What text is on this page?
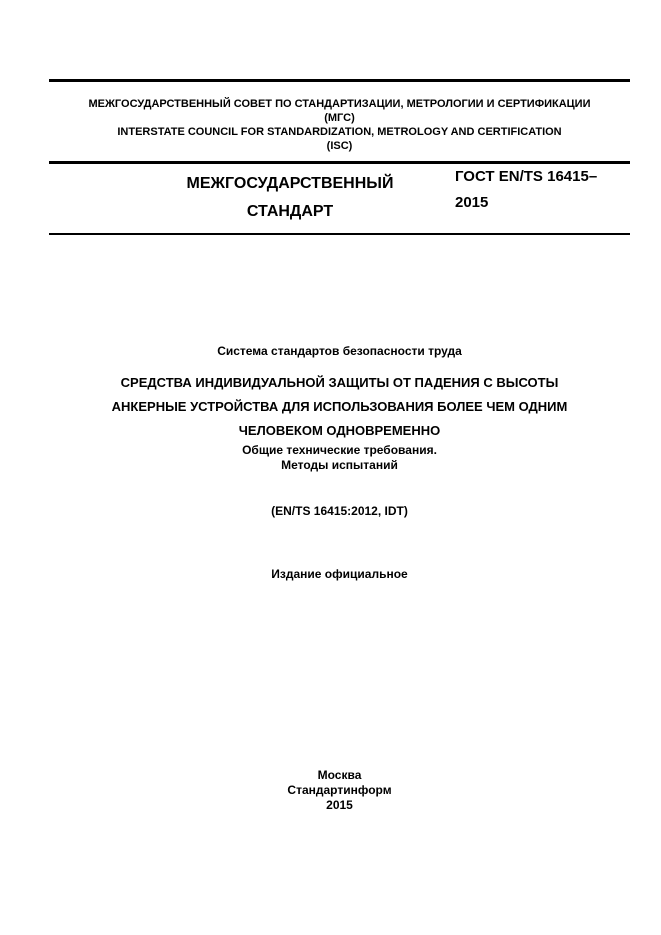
МЕЖГОСУДАРСТВЕННЫЙ СОВЕТ ПО СТАНДАРТИЗАЦИИ, МЕТРОЛОГИИ И СЕРТИФИКАЦИИ
(МГС)
INTERSTATE COUNCIL FOR STANDARDIZATION, METROLOGY AND CERTIFICATION
(ISC)
МЕЖГОСУДАРСТВЕННЫЙ
СТАНДАРТ
ГОСТ EN/TS 16415–
2015
Система стандартов безопасности труда
СРЕДСТВА ИНДИВИДУАЛЬНОЙ ЗАЩИТЫ ОТ ПАДЕНИЯ С ВЫСОТЫ
АНКЕРНЫЕ УСТРОЙСТВА ДЛЯ ИСПОЛЬЗОВАНИЯ БОЛЕЕ ЧЕМ ОДНИМ
ЧЕЛОВЕКОМ ОДНОВРЕМЕННО
Общие технические требования.
Методы испытаний
(EN/TS 16415:2012, IDT)
Издание официальное
Москва
Стандартинформ
2015
